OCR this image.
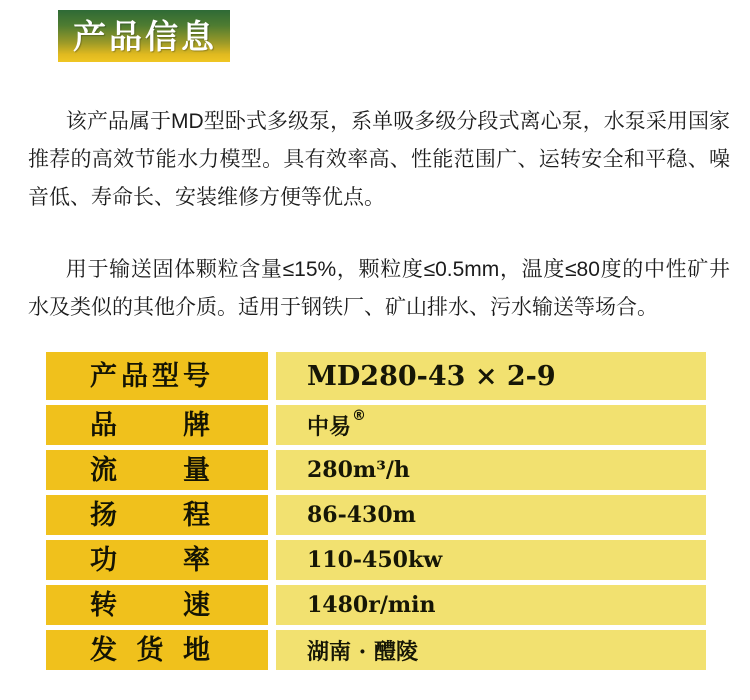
产品信息

该产品属于MD型卧式多级泵，系单吸多级分段式离心泵，水泵采用国家推荐的高效节能水力模型。具有效率高、性能范围广、运转安全和平稳、噪音低、寿命长、安装维修方便等优点。

用于输送固体颗粒含量≤15%，颗粒度≤0.5mm，温度≤80度的中性矿井水及类似的其他介质。适用于钢铁厂、矿山排水、污水输送等场合。

产 品 型 号	MD280-43 × 2-9
品 牌	中易 ®
流 量	280m³/h
扬 程	86-430m
功 率	110-450kw
转 速	1480r/min
发 货 地	湖南 · 醴陵
